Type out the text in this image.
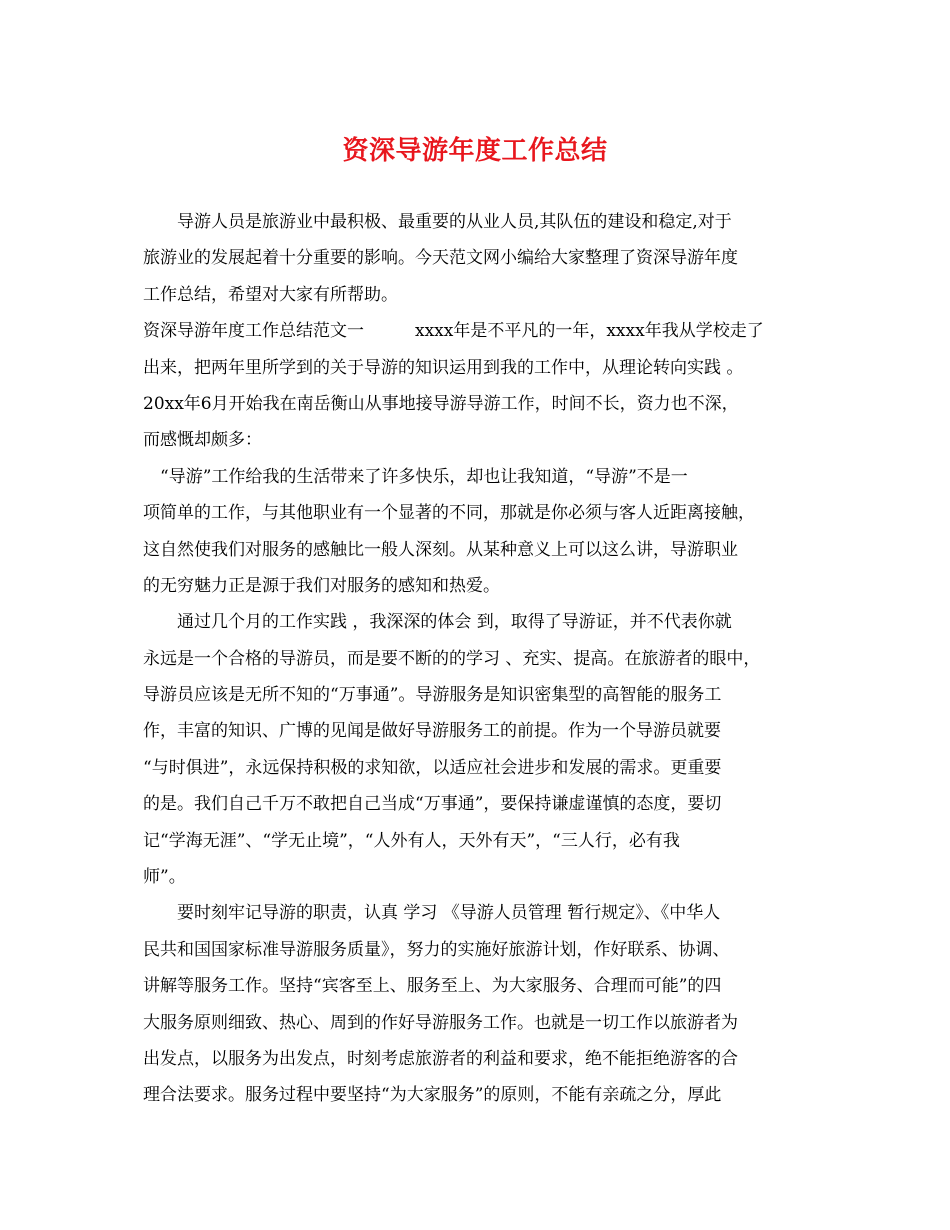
资深导游年度工作总结
　　导游人员是旅游业中最积极、最重要的从业人员,其队伍的建设和稳定,对于
旅游业的发展起着十分重要的影响。今天范文网小编给大家整理了资深导游年度
工作总结，希望对大家有所帮助。
资深导游年度工作总结范文一　　　xxxx年是不平凡的一年，xxxx年我从学校走了
出来，把两年里所学到的关于导游的知识运用到我的工作中，从理论转向实践 。
20xx年6月开始我在南岳衡山从事地接导游导游工作，时间不长，资力也不深，
而感慨却颇多：
　“导游”工作给我的生活带来了许多快乐，却也让我知道，“导游”不是一
项简单的工作，与其他职业有一个显著的不同，那就是你必须与客人近距离接触，
这自然使我们对服务的感触比一般人深刻。从某种意义上可以这么讲，导游职业
的无穷魅力正是源于我们对服务的感知和热爱。
　　通过几个月的工作实践 ，我深深的体会 到，取得了导游证，并不代表你就
永远是一个合格的导游员，而是要不断的的学习 、充实、提高。在旅游者的眼中，
导游员应该是无所不知的“万事通”。导游服务是知识密集型的高智能的服务工
作，丰富的知识、广博的见闻是做好导游服务工的前提。作为一个导游员就要
“与时俱进”，永远保持积极的求知欲，以适应社会进步和发展的需求。更重要
的是。我们自己千万不敢把自己当成“万事通”，要保持谦虚谨慎的态度，要切
记“学海无涯”、“学无止境”，“人外有人，天外有天”，“三人行，必有我
师”。
　　要时刻牢记导游的职责，认真 学习 《导游人员管理 暂行规定》、《中华人
民共和国国家标准导游服务质量》，努力的实施好旅游计划，作好联系、协调、
讲解等服务工作。坚持“宾客至上、服务至上、为大家服务、合理而可能”的四
大服务原则细致、热心、周到的作好导游服务工作。也就是一切工作以旅游者为
出发点，以服务为出发点，时刻考虑旅游者的利益和要求，绝不能拒绝游客的合
理合法要求。服务过程中要坚持“为大家服务”的原则，不能有亲疏之分，厚此
